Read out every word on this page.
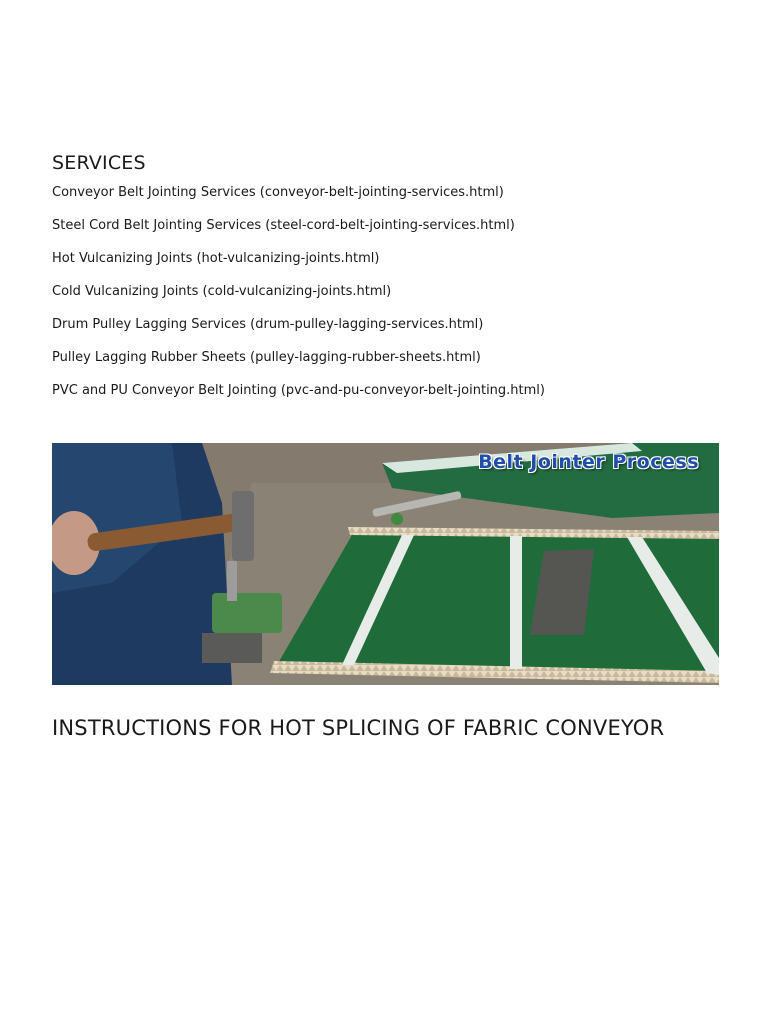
SERVICES
Conveyor Belt Jointing Services (conveyor-belt-jointing-services.html)
Steel Cord Belt Jointing Services (steel-cord-belt-jointing-services.html)
Hot Vulcanizing Joints (hot-vulcanizing-joints.html)
Cold Vulcanizing Joints (cold-vulcanizing-joints.html)
Drum Pulley Lagging Services (drum-pulley-lagging-services.html)
Pulley Lagging Rubber Sheets (pulley-lagging-rubber-sheets.html)
PVC and PU Conveyor Belt Jointing (pvc-and-pu-conveyor-belt-jointing.html)
Belt Jointer Process
INSTRUCTIONS FOR HOT SPLICING OF FABRIC CONVEYOR
